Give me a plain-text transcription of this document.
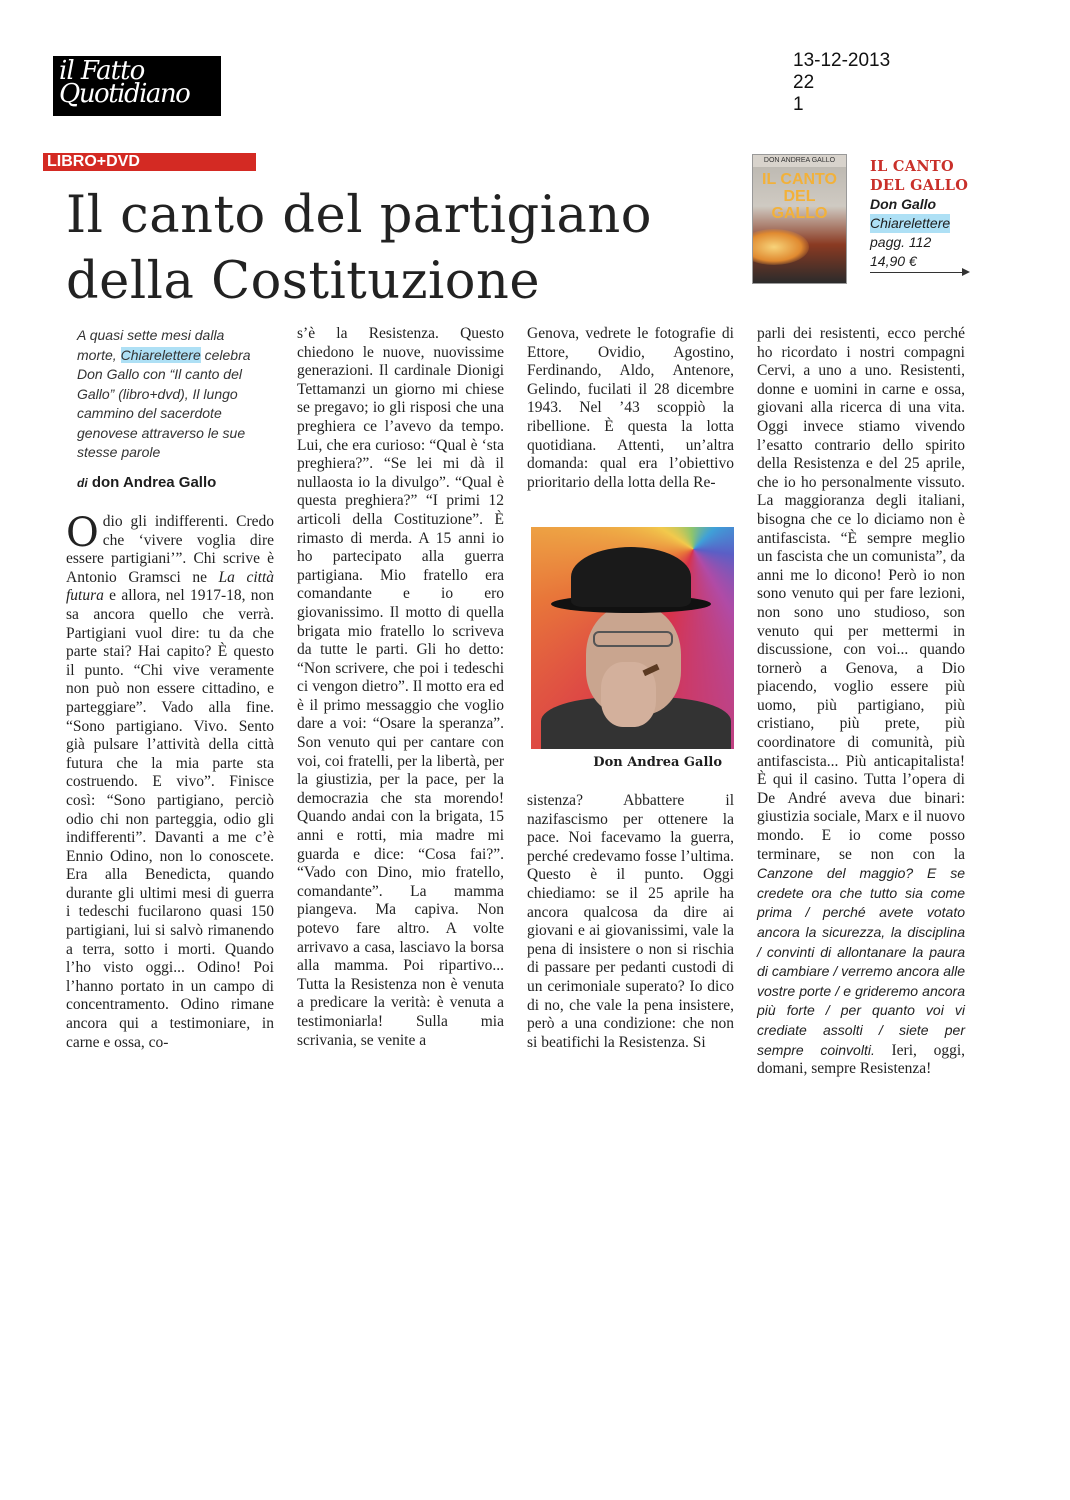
il Fatto
Quotidiano
13-12-2013
22
1
LIBRO+DVD
Il canto del partigiano
della Costituzione
DON ANDREA GALLO
IL CANTO
DEL GALLO
IL CANTO
DEL GALLO
Don Gallo
Chiarelettere
pagg. 112
14,90 €
A quasi sette mesi dalla morte, Chiarelettere celebra Don Gallo con “Il canto del Gallo” (libro+dvd), Il lungo cammino del sacerdote genovese attraverso le sue stesse parole
di don Andrea Gallo

Odio gli indifferenti. Credo che ‘vivere voglia dire essere partigiani’”. Chi scrive è Antonio Gramsci ne La città futura e allora, nel 1917-18, non sa ancora quello che verrà. Partigiani vuol dire: tu da che parte stai? Hai capito? È questo il punto. “Chi vive veramente non può non essere cittadino, e parteggiare”. Vado alla fine. “Sono partigiano. Vivo. Sento già pulsare l’attività della città futura che la mia parte sta costruendo. E vivo”. Finisce così: “Sono partigiano, perciò odio chi non parteggia, odio gli indifferenti”. Davanti a me c’è Ennio Odino, non lo conoscete. Era alla Benedicta, quando durante gli ultimi mesi di guerra i tedeschi fucilarono quasi 150 partigiani, lui si salvò rimanendo a terra, sotto i morti. Quando l’ho visto oggi... Odino! Poi l’hanno portato in un campo di concentramento. Odino rimane ancora qui a testimoniare, in carne e ossa, co-

s’è la Resistenza. Questo chiedono le nuove, nuovissime generazioni. Il cardinale Dionigi Tettamanzi un giorno mi chiese se pregavo; io gli risposi che una preghiera ce l’avevo da tempo. Lui, che era curioso: “Qual è ‘sta preghiera?”. “Se lei mi dà il nullaosta io la divulgo”. “Qual è questa preghiera?” “I primi 12 articoli della Costituzione”. È rimasto di merda. A 15 anni io ho partecipato alla guerra partigiana. Mio fratello era comandante e io ero giovanissimo. Il motto di quella brigata mio fratello lo scriveva da tutte le parti. Gli ho detto: “Non scrivere, che poi i tedeschi ci vengon dietro”. Il motto era ed è il primo messaggio che voglio dare a voi: “Osare la speranza”. Son venuto qui per cantare con voi, coi fratelli, per la libertà, per la giustizia, per la pace, per la democrazia che sta morendo! Quando andai con la brigata, 15 anni e rotti, mia madre mi guarda e dice: “Cosa fai?”. “Vado con Dino, mio fratello, comandante”. La mamma piangeva. Ma capiva. Non potevo fare altro. A volte arrivavo a casa, lasciavo la borsa alla mamma. Poi ripartivo... Tutta la Resistenza non è venuta a predicare la verità: è venuta a testimoniarla! Sulla mia scrivania, se venite a

Genova, vedrete le fotografie di Ettore, Ovidio, Agostino, Ferdinando, Aldo, Antenore, Gelindo, fucilati il 28 dicembre 1943. Nel ’43 scoppiò la ribellione. È questa la lotta quotidiana. Attenti, un’altra domanda: qual era l’obiettivo prioritario della lotta della Re-

Don Andrea Gallo

sistenza? Abbattere il nazifascismo per ottenere la pace. Noi facevamo la guerra, perché credevamo fosse l’ultima. Questo è il punto. Oggi chiediamo: se il 25 aprile ha ancora qualcosa da dire ai giovani e ai giovanissimi, vale la pena di insistere o non si rischia di passare per pedanti custodi di un cerimoniale superato? Io dico di no, che vale la pena insistere, però a una condizione: che non si beatifichi la Resistenza. Si

parli dei resistenti, ecco perché ho ricordato i nostri compagni Cervi, a uno a uno. Resistenti, donne e uomini in carne e ossa, giovani alla ricerca di una vita. Oggi invece stiamo vivendo l’esatto contrario dello spirito della Resistenza e del 25 aprile, che io ho personalmente vissuto. La maggioranza degli italiani, bisogna che ce lo diciamo non è antifascista. “È sempre meglio un fascista che un comunista”, da anni me lo dicono! Però io non sono venuto qui per fare lezioni, non sono uno studioso, son venuto qui per mettermi in discussione, con voi... quando tornerò a Genova, a Dio piacendo, voglio essere più uomo, più partigiano, più cristiano, più prete, più coordinatore di comunità, più antifascista... Più anticapitalista! È qui il casino. Tutta l’opera di De André aveva due binari: giustizia sociale, Marx e il nuovo mondo. E io come posso terminare, se non con la Canzone del maggio? E se credete ora che tutto sia come prima / perché avete votato ancora la sicurezza, la disciplina / convinti di allontanare la paura di cambiare / verremo ancora alle vostre porte / e grideremo ancora più forte / per quanto voi vi crediate assolti / siete per sempre coinvolti. Ieri, oggi, domani, sempre Resistenza!
